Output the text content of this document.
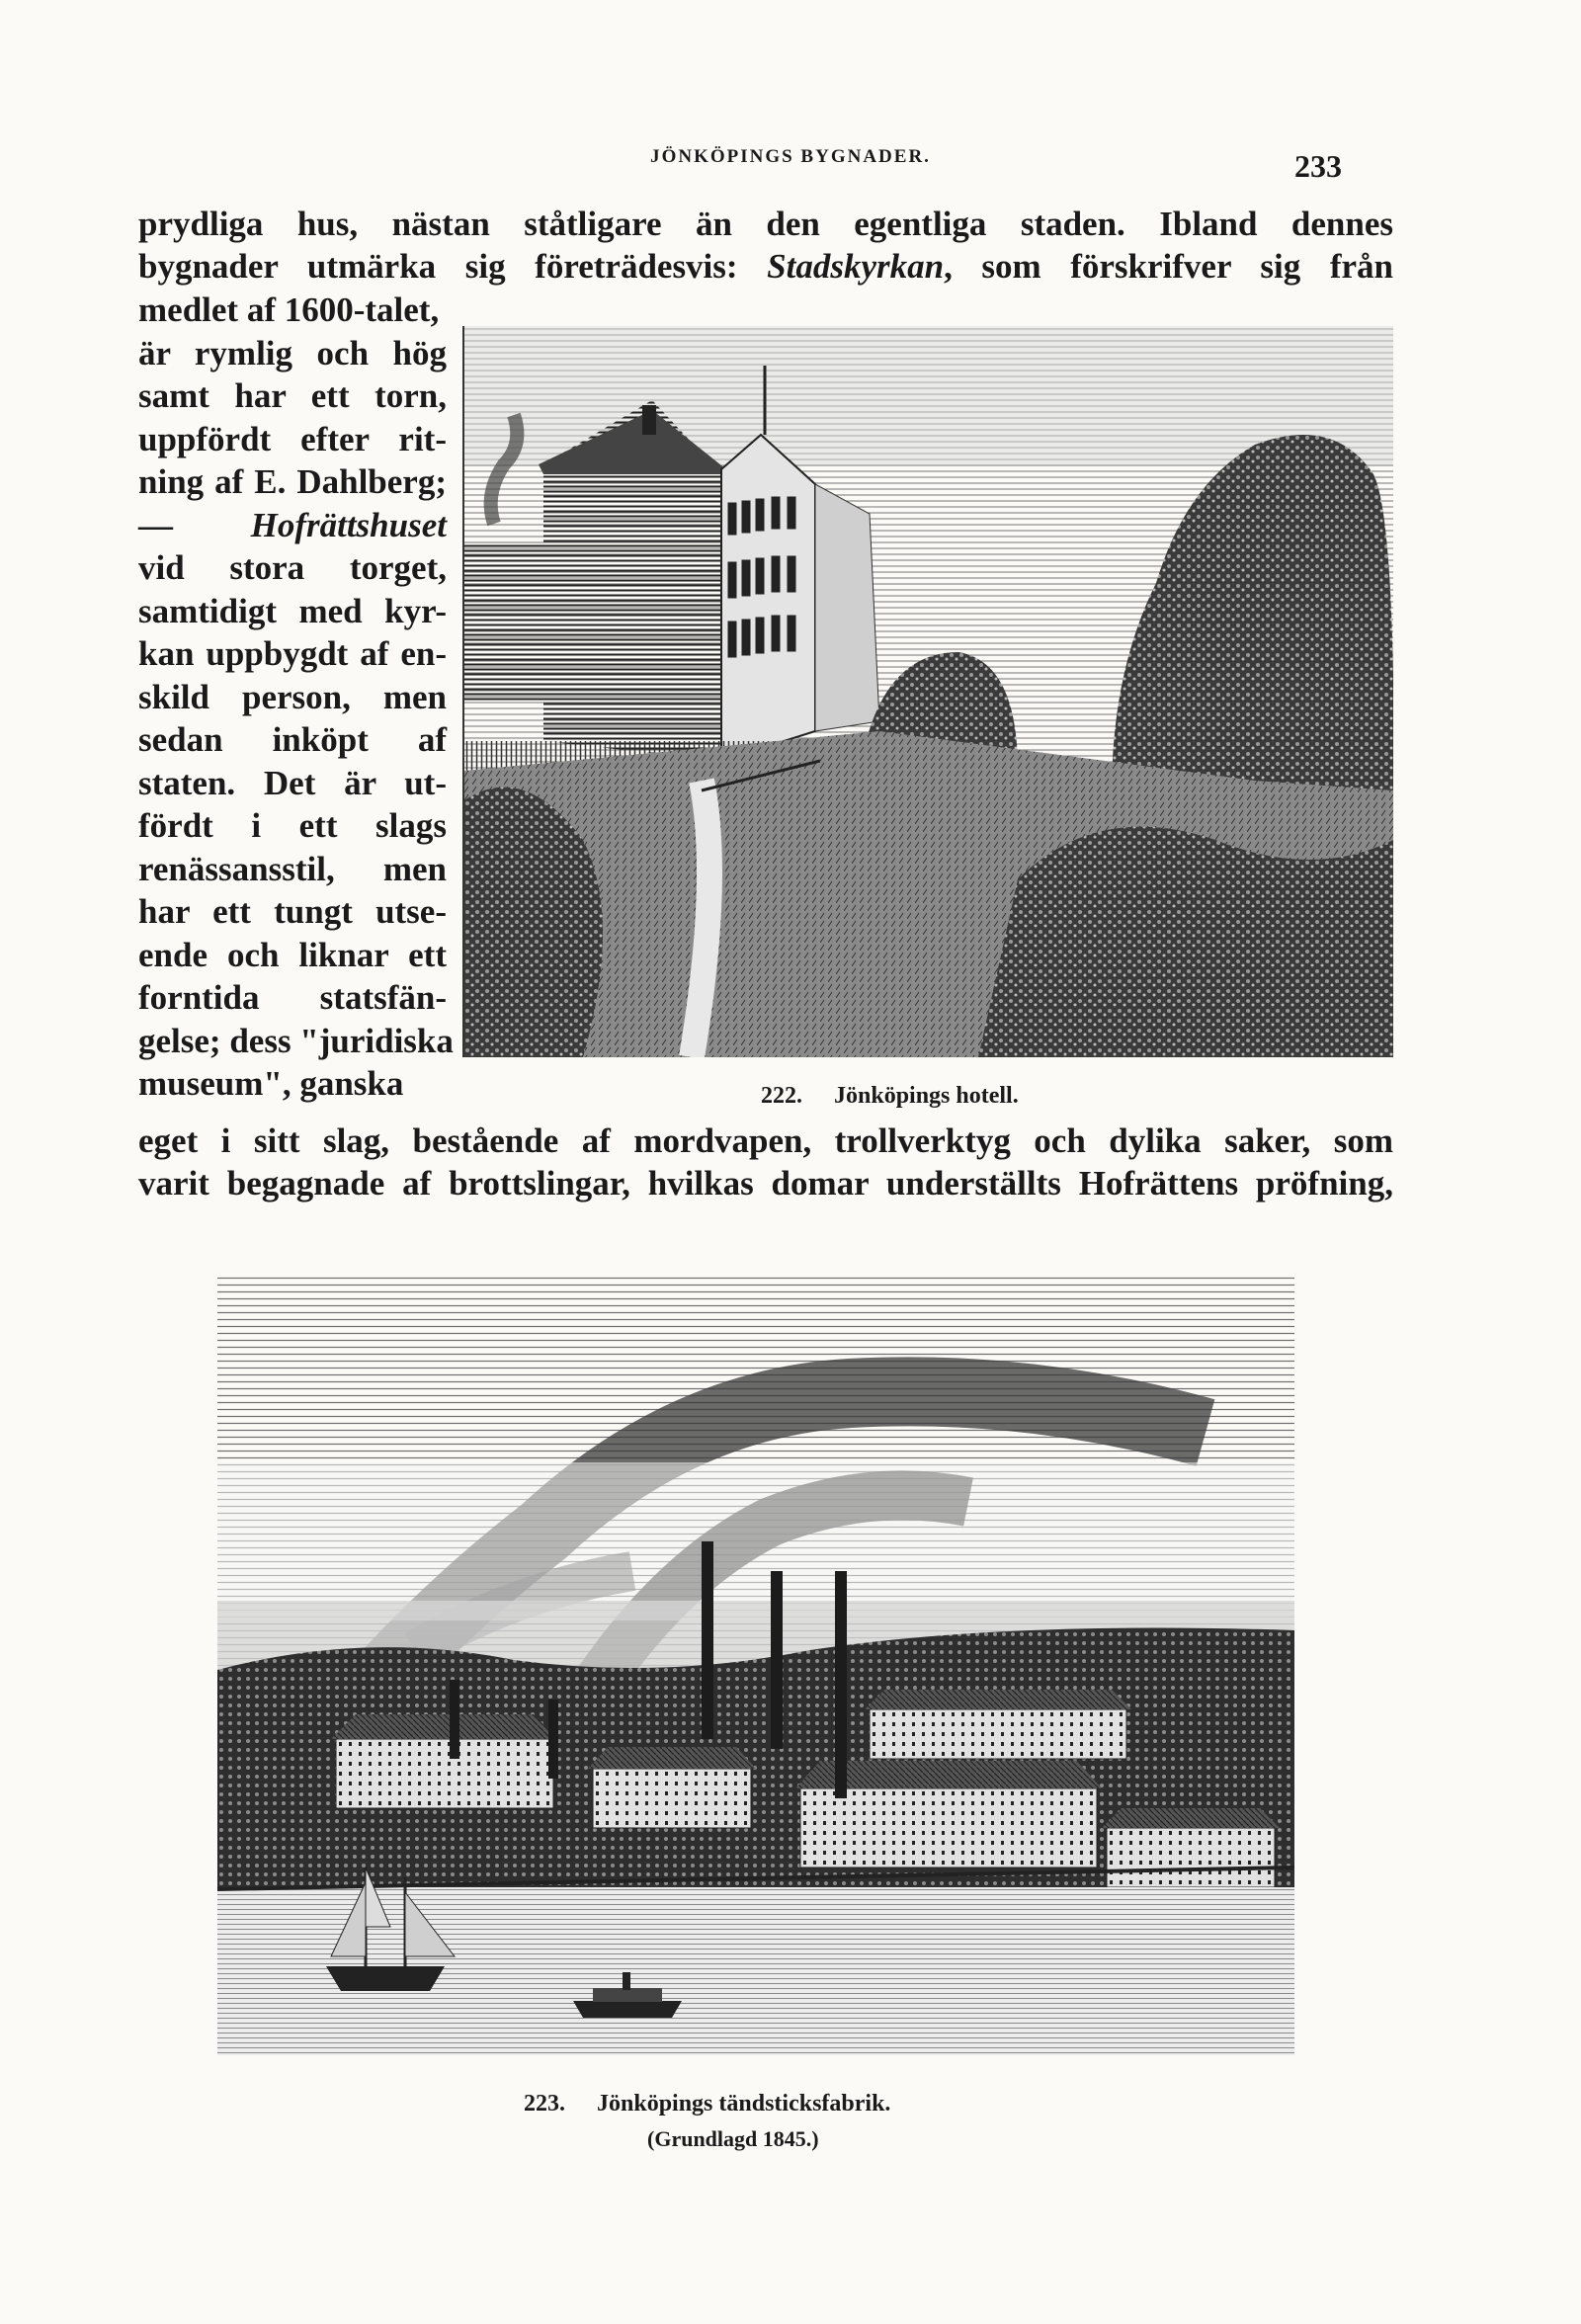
JÖNKÖPINGS BYGNADER.	233

prydliga hus, nästan ståtligare än den egentliga staden. Ibland dennes

bygnader utmärka sig företrädesvis: Stadskyrkan, som förskrifver sig från

medlet af 1600-talet,
är rymlig och hög
samt har ett torn,
uppfördt efter rit-
ning af E. Dahlberg;
— Hofrättshuset
vid stora torget,
samtidigt med kyr-
kan uppbygdt af en-
skild person, men
sedan inköpt af
staten. Det är ut-
fördt i ett slags
renässansstil, men
har ett tungt utse-
ende och liknar ett
forntida statsfän-
gelse; dess "juridiska
museum", ganska	222. Jönköpings hotell.

eget i sitt slag, bestående af mordvapen, trollverktyg och dylika saker, som

varit begagnade af brottslingar, hvilkas domar underställts Hofrättens pröfning,

223. Jönköpings tändsticksfabrik.
(Grundlagd 1845.)
